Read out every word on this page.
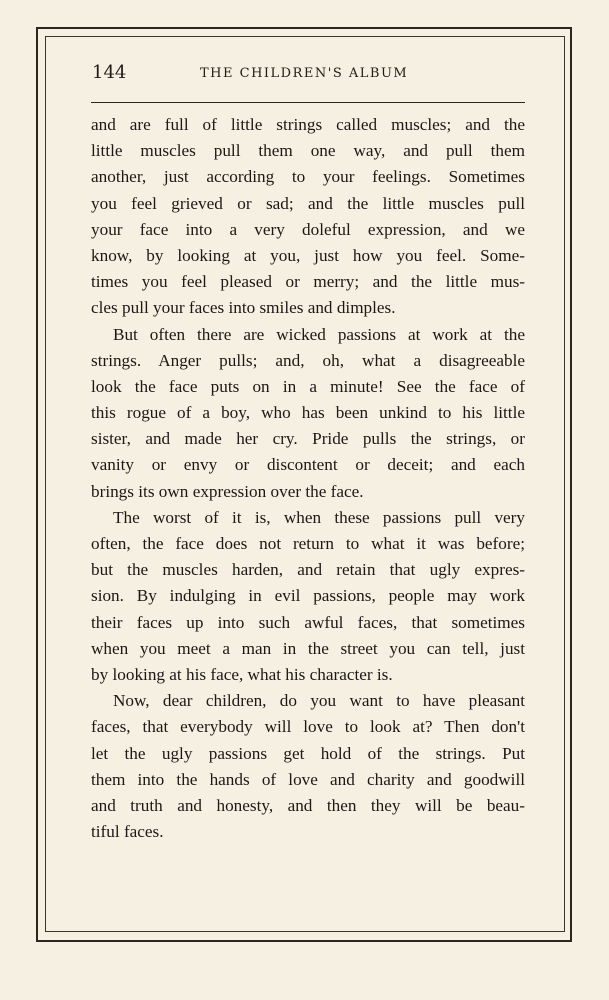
144	THE CHILDREN'S ALBUM
and are full of little strings called muscles; and the
little muscles pull them one way, and pull them
another, just according to your feelings. Sometimes
you feel grieved or sad; and the little muscles pull
your face into a very doleful expression, and we
know, by looking at you, just how you feel. Some-
times you feel pleased or merry; and the little mus-
cles pull your faces into smiles and dimples.
But often there are wicked passions at work at the
strings. Anger pulls; and, oh, what a disagreeable
look the face puts on in a minute! See the face of
this rogue of a boy, who has been unkind to his little
sister, and made her cry. Pride pulls the strings, or
vanity or envy or discontent or deceit; and each
brings its own expression over the face.
The worst of it is, when these passions pull very
often, the face does not return to what it was before;
but the muscles harden, and retain that ugly expres-
sion. By indulging in evil passions, people may work
their faces up into such awful faces, that sometimes
when you meet a man in the street you can tell, just
by looking at his face, what his character is.
Now, dear children, do you want to have pleasant
faces, that everybody will love to look at? Then don't
let the ugly passions get hold of the strings. Put
them into the hands of love and charity and goodwill
and truth and honesty, and then they will be beau-
tiful faces.
